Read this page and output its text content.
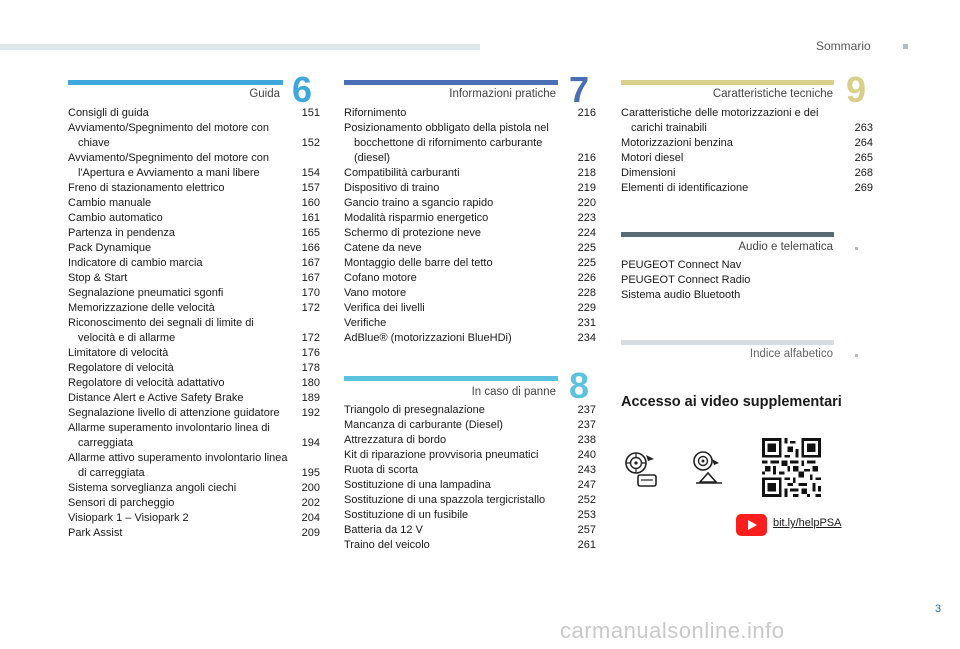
Sommario
Guida 6
Consigli di guida	151
Avviamento/Spegnimento del motore con chiave	152
Avviamento/Spegnimento del motore con l'Apertura e Avviamento a mani libere	154
Freno di stazionamento elettrico	157
Cambio manuale	160
Cambio automatico	161
Partenza in pendenza	165
Pack Dynamique	166
Indicatore di cambio marcia	167
Stop & Start	167
Segnalazione pneumatici sgonfi	170
Memorizzazione delle velocità	172
Riconoscimento dei segnali di limite di velocità e di allarme	172
Limitatore di velocità	176
Regolatore di velocità	178
Regolatore di velocità adattativo	180
Distance Alert e Active Safety Brake	189
Segnalazione livello di attenzione guidatore	192
Allarme superamento involontario linea di carreggiata	194
Allarme attivo superamento involontario linea di carreggiata	195
Sistema sorveglianza angoli ciechi	200
Sensori di parcheggio	202
Visiopark 1 – Visiopark 2	204
Park Assist	209
Informazioni pratiche 7
Rifornimento	216
Posizionamento obbligato della pistola nel bocchettone di rifornimento carburante (diesel)	216
Compatibilità carburanti	218
Dispositivo di traino	219
Gancio traino a sgancio rapido	220
Modalità risparmio energetico	223
Schermo di protezione neve	224
Catene da neve	225
Montaggio delle barre del tetto	225
Cofano motore	226
Vano motore	228
Verifica dei livelli	229
Verifiche	231
AdBlue® (motorizzazioni BlueHDi)	234
In caso di panne 8
Triangolo di presegnalazione	237
Mancanza di carburante (Diesel)	237
Attrezzatura di bordo	238
Kit di riparazione provvisoria pneumatici	240
Ruota di scorta	243
Sostituzione di una lampadina	247
Sostituzione di una spazzola tergicristallo	252
Sostituzione di un fusibile	253
Batteria da 12 V	257
Traino del veicolo	261
Caratteristiche tecniche 9
Caratteristiche delle motorizzazioni e dei carichi trainabili	263
Motorizzazioni benzina	264
Motori diesel	265
Dimensioni	268
Elementi di identificazione	269
Audio e telematica
PEUGEOT Connect Nav
PEUGEOT Connect Radio
Sistema audio Bluetooth
Indice alfabetico
Accesso ai video supplementari
bit.ly/helpPSA
3
carmanualsonline.info
